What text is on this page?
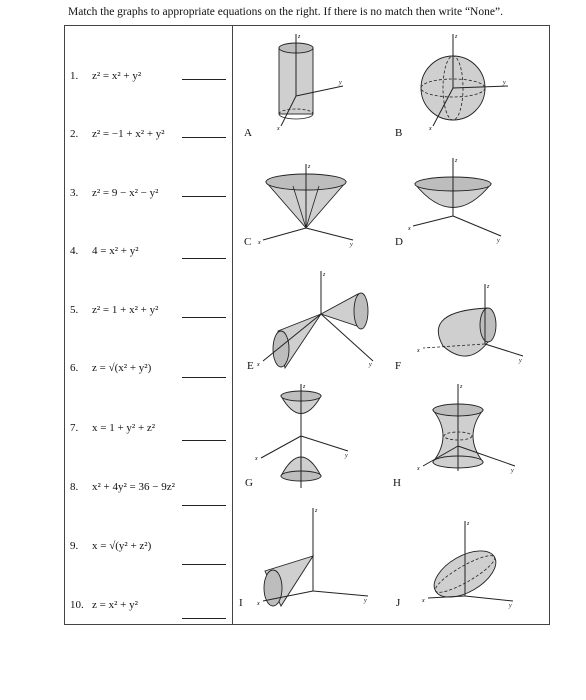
Match the graphs to appropriate equations on the right. If there is no match then write “None”.
1. z² = x² + y²
2. z² = −1 + x² + y²
3. z² = 9 − x² − y²
4. 4 = x² + y²
5. z² = 1 + x² + y²
6. z = √(x² + y²)
7. x = 1 + y² + z²
8. x² + 4y² = 36 − 9z²
9. x = √(y² + z²)
10. z = x² + y²
A	B
C	D
E	F
G	H
I	J
z
y
x
z
y
x
z
y
x
z
y
x
z
y
x
z
y
x
z
y
x
z
y
x
z
y
x
z
y
x
